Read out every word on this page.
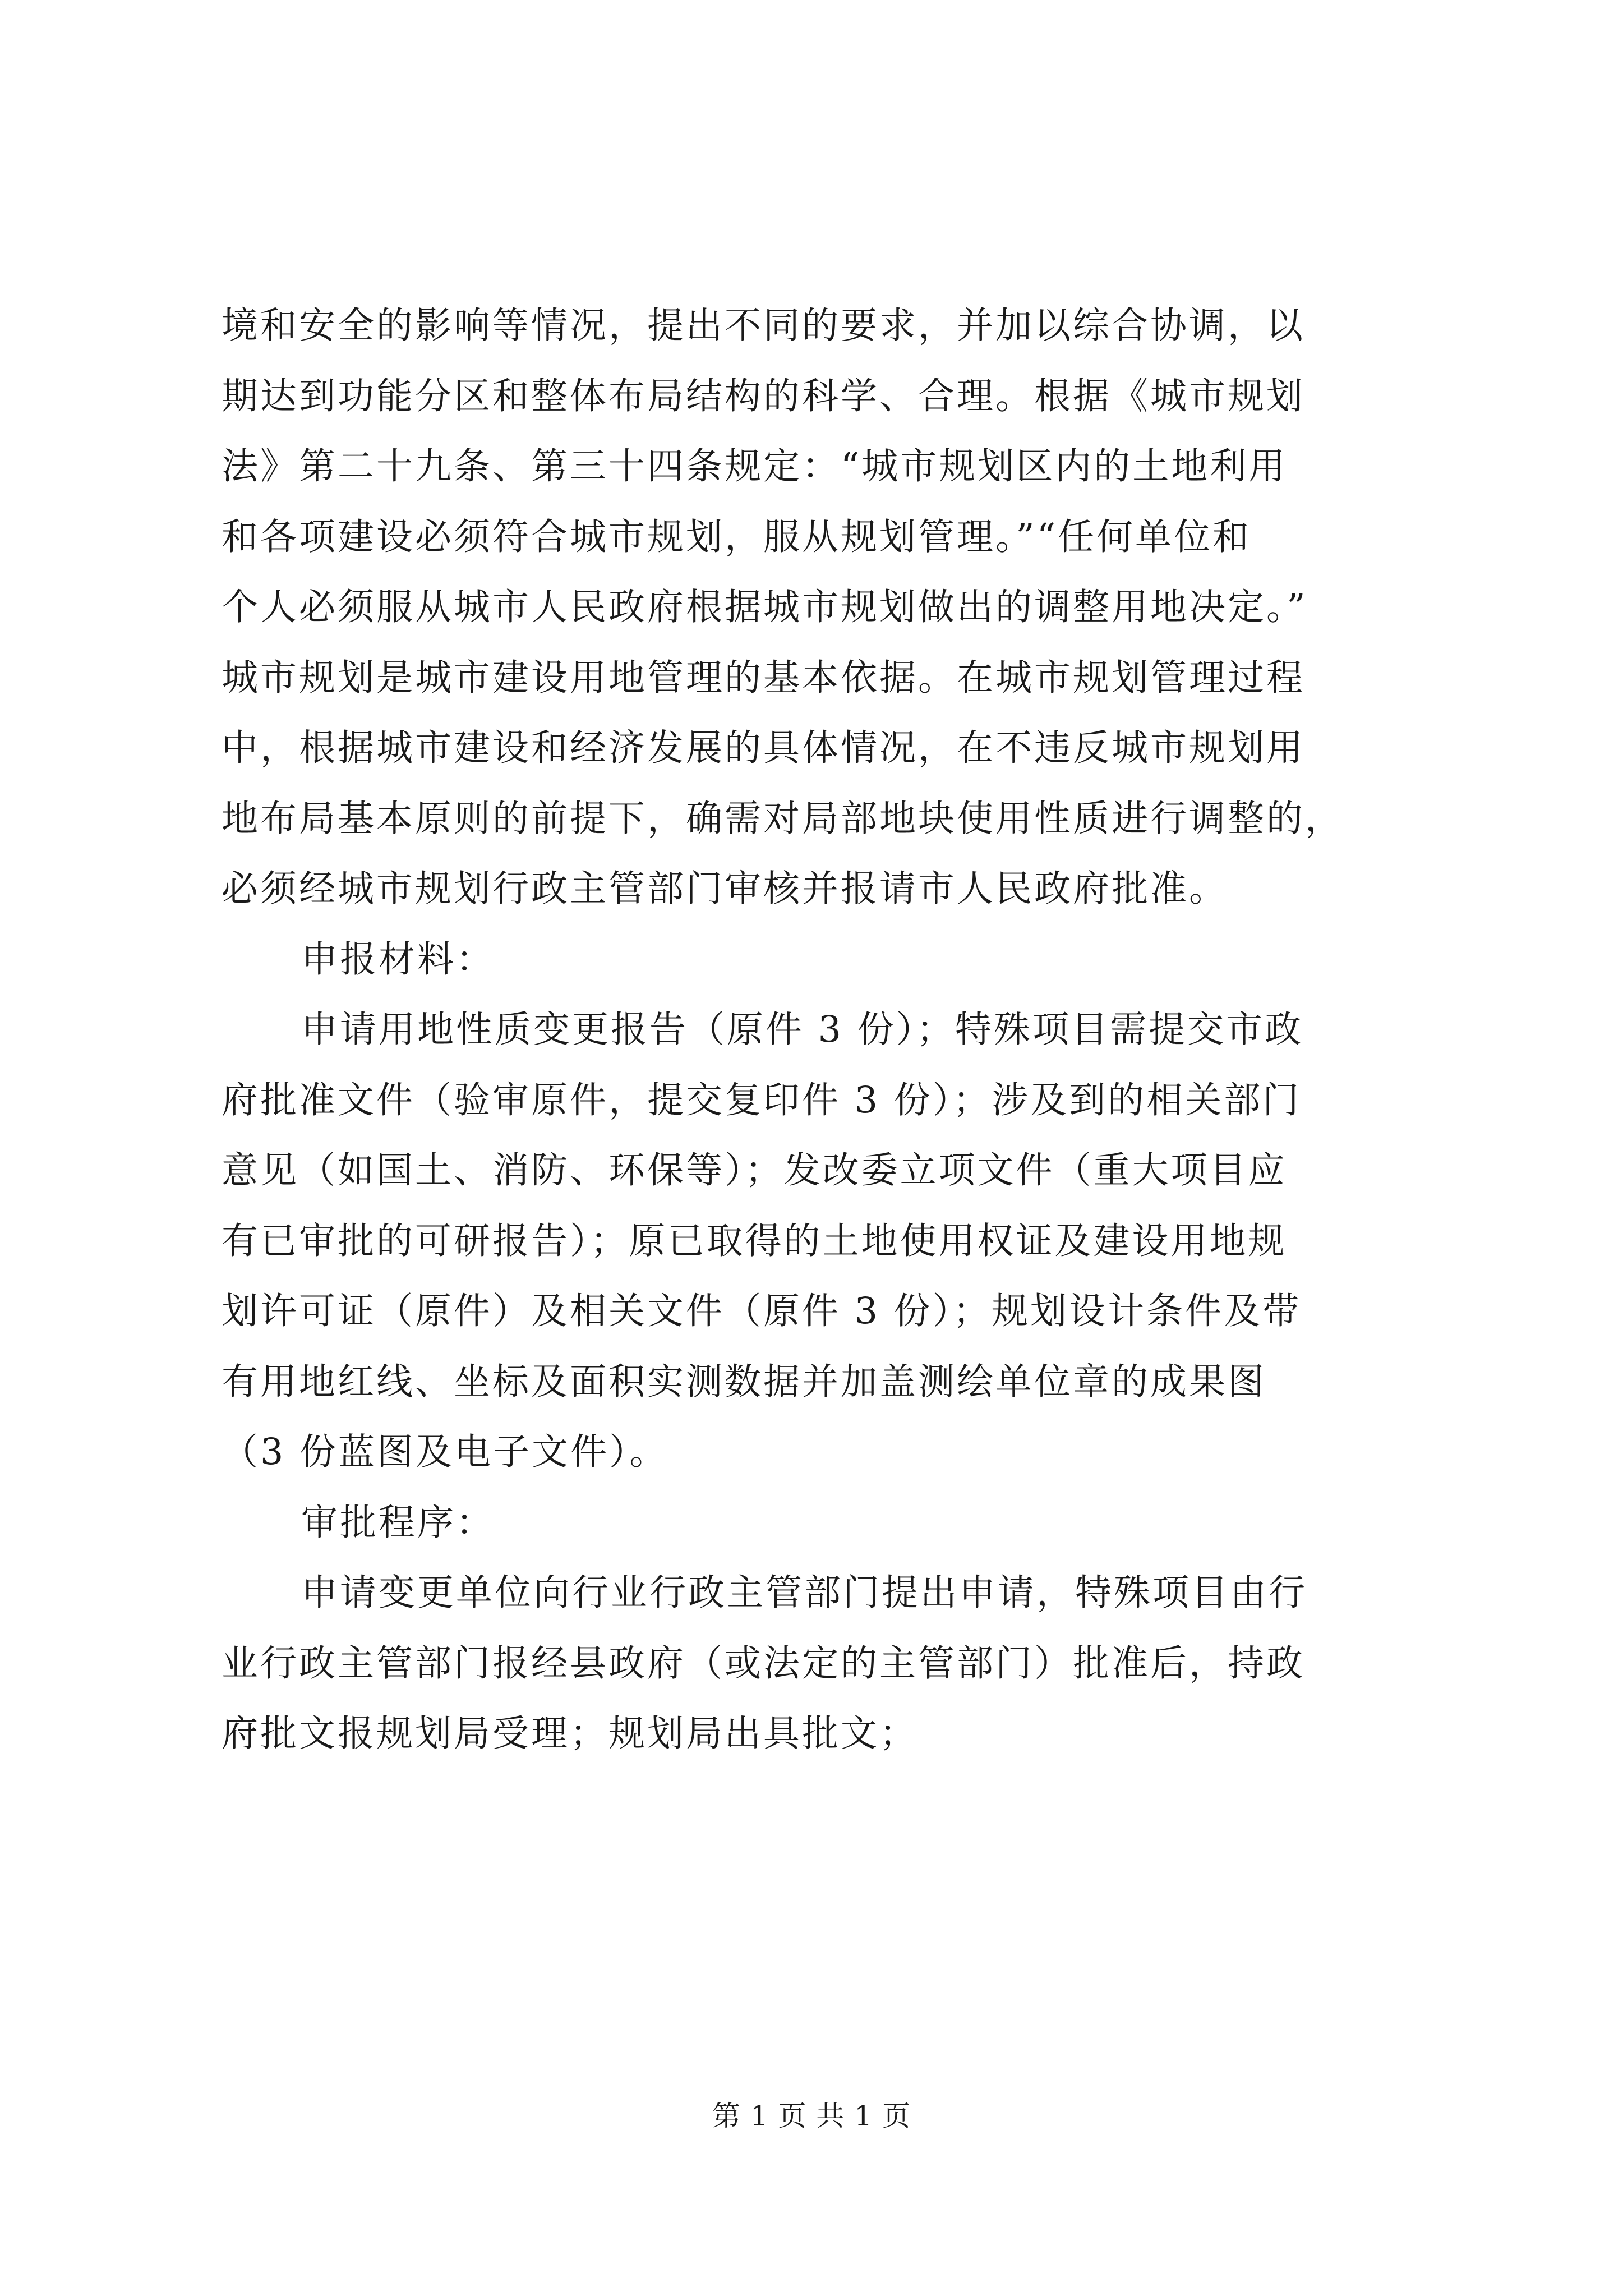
境和安全的影响等情况，提出不同的要求，并加以综合协调，以
期达到功能分区和整体布局结构的科学、合理。根据《城市规划
法》第二十九条、第三十四条规定：“城市规划区内的土地利用
和各项建设必须符合城市规划，服从规划管理。”“任何单位和
个人必须服从城市人民政府根据城市规划做出的调整用地决定。”
城市规划是城市建设用地管理的基本依据。在城市规划管理过程
中，根据城市建设和经济发展的具体情况，在不违反城市规划用
地布局基本原则的前提下，确需对局部地块使用性质进行调整的，
必须经城市规划行政主管部门审核并报请市人民政府批准。
申报材料：
申请用地性质变更报告（原件 3 份）；特殊项目需提交市政
府批准文件（验审原件，提交复印件 3 份）；涉及到的相关部门
意见（如国土、消防、环保等）；发改委立项文件（重大项目应
有已审批的可研报告）；原已取得的土地使用权证及建设用地规
划许可证（原件）及相关文件（原件 3 份）；规划设计条件及带
有用地红线、坐标及面积实测数据并加盖测绘单位章的成果图
（3 份蓝图及电子文件）。
审批程序：
申请变更单位向行业行政主管部门提出申请，特殊项目由行
业行政主管部门报经县政府（或法定的主管部门）批准后，持政
府批文报规划局受理；规划局出具批文；
第 1 页 共 1 页
